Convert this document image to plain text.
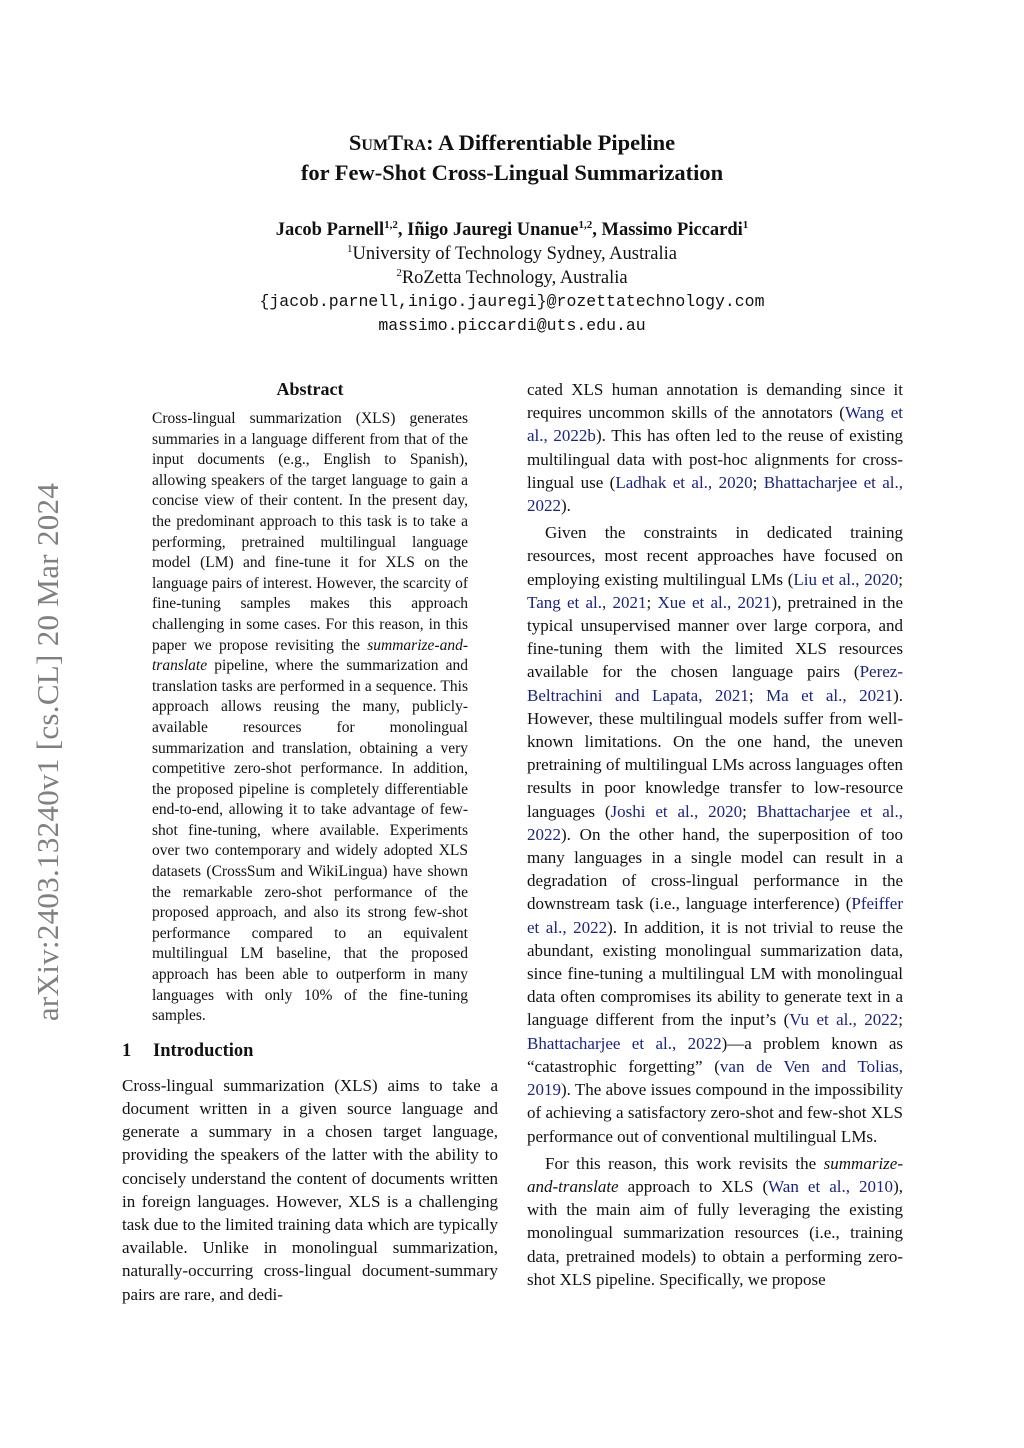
arXiv:2403.13240v1 [cs.CL] 20 Mar 2024
SumTra: A Differentiable Pipeline
for Few-Shot Cross-Lingual Summarization
Jacob Parnell$^{1,2}$, Iñigo Jauregi Unanue$^{1,2}$, Massimo Piccardi$^1$
$^1$University of Technology Sydney, Australia
$^2$RoZetta Technology, Australia
{jacob.parnell,inigo.jauregi}@rozettatechnology.com
massimo.piccardi@uts.edu.au
Abstract
Cross-lingual summarization (XLS) generates summaries in a language different from that of the input documents (e.g., English to Spanish), allowing speakers of the target language to gain a concise view of their content. In the present day, the predominant approach to this task is to take a performing, pretrained multilingual language model (LM) and fine-tune it for XLS on the language pairs of interest. However, the scarcity of fine-tuning samples makes this approach challenging in some cases. For this reason, in this paper we propose revisiting the summarize-and-translate pipeline, where the summarization and translation tasks are performed in a sequence. This approach allows reusing the many, publicly-available resources for monolingual summarization and translation, obtaining a very competitive zero-shot performance. In addition, the proposed pipeline is completely differentiable end-to-end, allowing it to take advantage of few-shot fine-tuning, where available. Experiments over two contemporary and widely adopted XLS datasets (CrossSum and WikiLingua) have shown the remarkable zero-shot performance of the proposed approach, and also its strong few-shot performance compared to an equivalent multilingual LM baseline, that the proposed approach has been able to outperform in many languages with only 10% of the fine-tuning samples.
1 Introduction

Cross-lingual summarization (XLS) aims to take a document written in a given source language and generate a summary in a chosen target language, providing the speakers of the latter with the ability to concisely understand the content of documents written in foreign languages. However, XLS is a challenging task due to the limited training data which are typically available. Unlike in monolingual summarization, naturally-occurring cross-lingual document-summary pairs are rare, and dedi-

cated XLS human annotation is demanding since it requires uncommon skills of the annotators (Wang et al., 2022b). This has often led to the reuse of existing multilingual data with post-hoc alignments for cross-lingual use (Ladhak et al., 2020; Bhattacharjee et al., 2022).

Given the constraints in dedicated training resources, most recent approaches have focused on employing existing multilingual LMs (Liu et al., 2020; Tang et al., 2021; Xue et al., 2021), pretrained in the typical unsupervised manner over large corpora, and fine-tuning them with the limited XLS resources available for the chosen language pairs (Perez-Beltrachini and Lapata, 2021; Ma et al., 2021). However, these multilingual models suffer from well-known limitations. On the one hand, the uneven pretraining of multilingual LMs across languages often results in poor knowledge transfer to low-resource languages (Joshi et al., 2020; Bhattacharjee et al., 2022). On the other hand, the superposition of too many languages in a single model can result in a degradation of cross-lingual performance in the downstream task (i.e., language interference) (Pfeiffer et al., 2022). In addition, it is not trivial to reuse the abundant, existing monolingual summarization data, since fine-tuning a multilingual LM with monolingual data often compromises its ability to generate text in a language different from the input’s (Vu et al., 2022; Bhattacharjee et al., 2022)—a problem known as “catastrophic forgetting” (van de Ven and Tolias, 2019). The above issues compound in the impossibility of achieving a satisfactory zero-shot and few-shot XLS performance out of conventional multilingual LMs.

For this reason, this work revisits the summarize-and-translate approach to XLS (Wan et al., 2010), with the main aim of fully leveraging the existing monolingual summarization resources (i.e., training data, pretrained models) to obtain a performing zero-shot XLS pipeline. Specifically, we propose
